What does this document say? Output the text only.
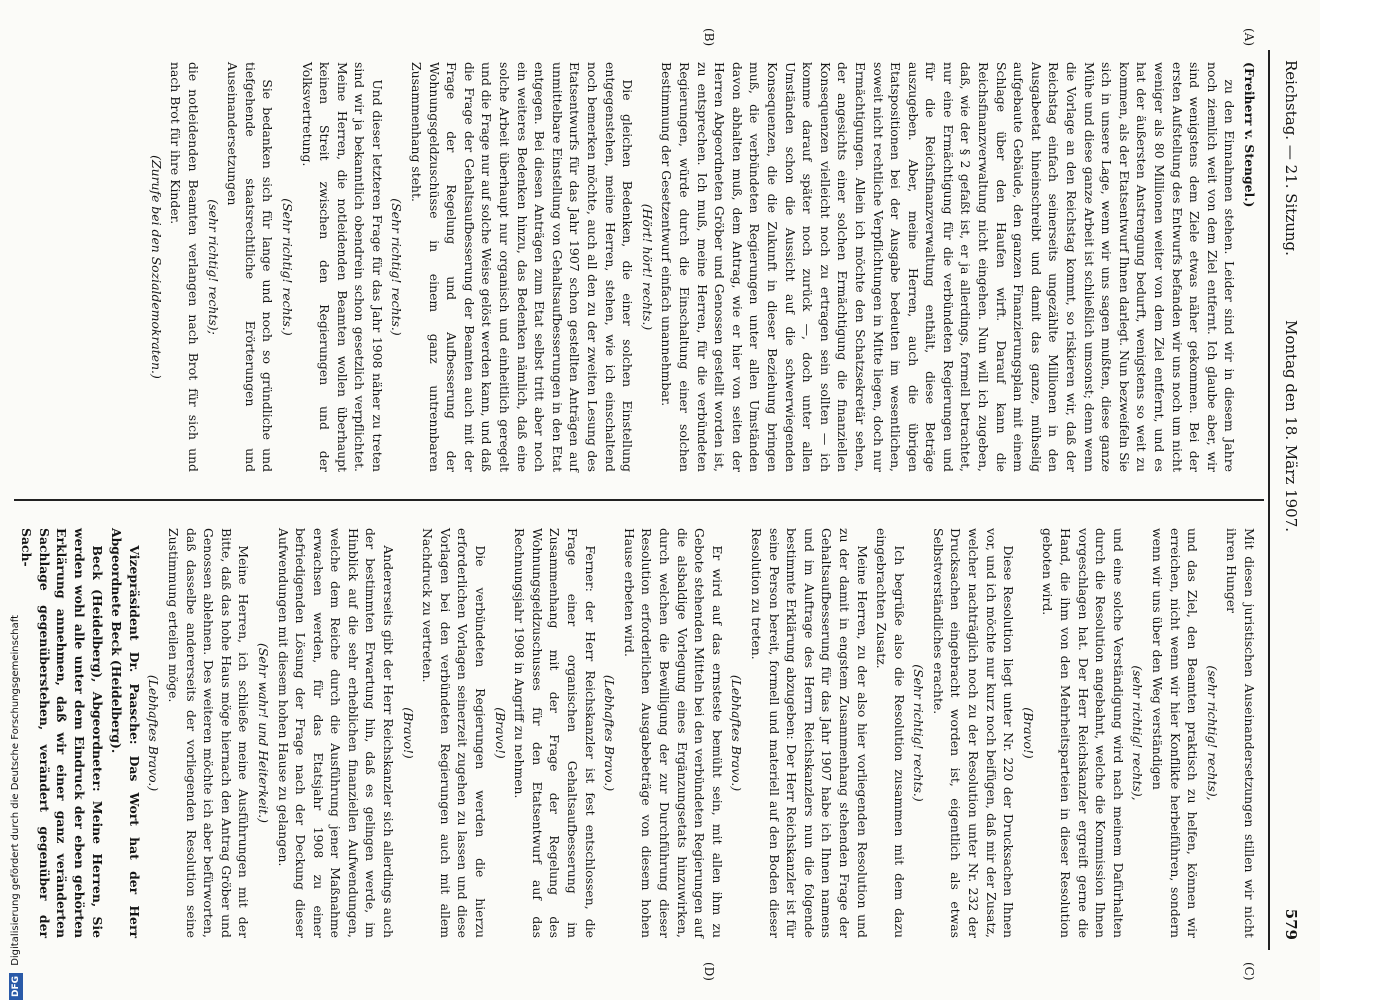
Reichstag. — 21. Sitzung.
Montag den 18. März 1907.
579
(A)
(B)
(C)
(D)

(Freiherr v. Stengel.)

zu den Einnahmen stehen. Leider sind wir in diesem Jahre noch ziemlich weit von dem Ziel entfernt. Ich glaube aber, wir sind wenigstens dem Ziele etwas näher gekommen. Bei der ersten Aufstellung des Entwurfs befanden wir uns noch um nicht weniger als 80 Millionen weiter von dem Ziel entfernt, und es hat der äußersten Anstrengung bedurft, wenigstens so weit zu kommen, als der Etatsentwurf Ihnen darlegt. Nun bezweifeln Sie sich in unsere Lage, wenn wir uns sagen mußten, diese ganze Mühe und diese ganze Arbeit ist schließlich umsonst; denn wenn die Vorlage an den Reichstag kommt, so riskieren wir, daß der Reichstag einfach seinerseits ungezählte Millionen in den Ausgabeetat hineinschreibt und damit das ganze, mühselig aufgebaute Gebäude, den ganzen Finanzierungsplan mit einem Schlage über den Haufen wirft. Darauf kann die Reichsfinanzverwaltung nicht eingehen. Nun will ich zugeben, daß, wie der § 2 gefaßt ist, er ja allerdings, formell betrachtet, nur eine Ermächtigung für die verbündeten Regierungen und für die Reichsfinanzverwaltung enthält, diese Beträge auszugeben. Aber, meine Herren, auch die übrigen Etatspositionen bei der Ausgabe bedeuten im wesentlichen, soweit nicht rechtliche Verpflichtungen in Mitte liegen, doch nur Ermächtigungen. Allein ich möchte den Schatzsekretär sehen, der angesichts einer solchen Ermächtigung die finanziellen Konsequenzen vielleicht noch zu ertragen sein sollten — ich komme darauf später noch zurück —, doch unter allen Umständen schon die Aussicht auf die schwerwiegenden Konsequenzen, die die Zukunft in dieser Beziehung bringen muß, die verbündeten Regierungen unter allen Umständen davon abhalten muß, dem Antrag, wie er hier von seiten der Herren Abgeordneten Gröber und Genossen gestellt worden ist, zu entsprechen. Ich muß, meine Herren, für die verbündeten Regierungen, würde durch die Einschaltung einer solchen Bestimmung der Gesetzentwurf einfach unannehmbar.

(Hört! hört! rechts.)

Die gleichen Bedenken, die einer solchen Einstellung entgegenstehen, meine Herren, stehen, wie ich einschaltend noch bemerken möchte, auch all den zu der zweiten Lesung des Etatsentwurfs für das Jahr 1907 schon gestellten Anträgen auf unmittelbare Einstellung von Gehaltsaufbesserungen in den Etat entgegen. Bei diesen Anträgen zum Etat selbst tritt aber noch ein weiteres Bedenken hinzu, das Bedenken nämlich, daß eine solche Arbeit überhaupt nur organisch und einheitlich geregelt und die Frage nur auf solche Weise gelöst werden kann, und daß die Frage der Gehaltsaufbesserung der Beamten auch mit der Frage der Regelung und Aufbesserung der Wohnungsgeldzuschüsse in einem ganz untrennbaren Zusammenhang steht.

(Sehr richtig! rechts.)

Und dieser letzteren Frage für das Jahr 1908 näher zu treten sind wir ja bekanntlich obendrein schon gesetzlich verpflichtet. Meine Herren, die notleidenden Beamten wollen überhaupt keinen Streit zwischen den Regierungen und der Volksvertretung.

(Sehr richtig! rechts.)

Sie bedanken sich für lange und noch so gründliche und tiefgehende staatsrechtliche Erörterungen und Auseinandersetzungen

(sehr richtig! rechts);

die notleidenden Beamten verlangen nach Brot für sich und nach Brot für ihre Kinder.

(Zurufe bei den Sozialdemokraten.)

Mit diesen juristischen Auseinandersetzungen stillen wir nicht ihren Hunger

(sehr richtig! rechts),

und das Ziel, den Beamten praktisch zu helfen, können wir erreichen, nicht wenn wir hier Konflikte herbeiführen, sondern wenn wir uns über den Weg verständigen

(sehr richtig! rechts),

und eine solche Verständigung wird nach meinem Dafürhalten durch die Resolution angebahnt, welche die Kommission Ihnen vorgeschlagen hat. Der Herr Reichskanzler ergreift gerne die Hand, die ihm von den Mehrheitsparteien in dieser Resolution geboten wird.

(Bravo!)

Diese Resolution liegt unter Nr. 220 der Drucksachen Ihnen vor, und ich möchte nur kurz noch beifügen, daß mir der Zusatz, welcher nachträglich noch zu der Resolution unter Nr. 232 der Drucksachen eingebracht worden ist, eigentlich als etwas Selbstverständliches erachte.

(Sehr richtig! rechts.)

Ich begrüße also die Resolution zusammen mit dem dazu eingebrachten Zusatz.

Meine Herren, zu der also hier vorliegenden Resolution und zu der damit in engstem Zusammenhang stehenden Frage der Gehaltsaufbesserung für das Jahr 1907 habe ich Ihnen namens und im Auftrage des Herrn Reichskanzlers nun die folgende bestimmte Erklärung abzugeben: Der Herr Reichskanzler ist für seine Person bereit, formell und materiell auf den Boden dieser Resolution zu treten.

(Lebhaftes Bravo.)

Er wird auf das ernsteste bemüht sein, mit allen ihm zu Gebote stehenden Mitteln bei den verbündeten Regierungen auf die alsbaldige Vorlegung eines Ergänzungsetats hinzuwirken, durch welchen die Bewilligung der zur Durchführung dieser Resolution erforderlichen Ausgabebeträge von diesem hohen Hause erbeten wird.

(Lebhaftes Bravo.)

Ferner: der Herr Reichskanzler ist fest entschlossen, die Frage einer organischen Gehaltsaufbesserung im Zusammenhang mit der Frage der Regelung des Wohnungsgeldzuschusses für den Etatsentwurf auf das Rechnungsjahr 1908 in Angriff zu nehmen.

(Bravo!)

Die verbündeten Regierungen werden die hierzu erforderlichen Vorlagen seinerzeit zugehen zu lassen und diese Vorlagen bei den verbündeten Regierungen auch mit allem Nachdruck zu vertreten.

(Bravo!)

Andererseits gibt der Herr Reichskanzler sich allerdings auch der bestimmten Erwartung hin, daß es gelingen werde, im Hinblick auf die sehr erheblichen finanziellen Aufwendungen, welche dem Reiche durch die Ausführung jener Maßnahme erwachsen werden, für das Etatsjahr 1908 zu einer befriedigenden Lösung der Frage nach der Deckung dieser Aufwendungen mit diesem hohen Hause zu gelangen.

(Sehr wahr! und Heiterkeit.)

Meine Herren, ich schließe meine Ausführungen mit der Bitte, daß das hohe Haus möge hiernach den Antrag Gröber und Genossen ablehnen. Des weiteren möchte ich aber befürworten, daß dasselbe andererseits der vorliegenden Resolution seine Zustimmung erteilen möge.

(Lebhaftes Bravo.)

Vizepräsident Dr. Paasche: Das Wort hat der Herr Abgeordnete Beck (Heidelberg).

Beck (Heidelberg), Abgeordneter: Meine Herren, Sie werden wohl alle unter dem Eindruck der eben gehörten Erklärung annehmen, daß wir einer ganz veränderten Sachlage gegenüberstehen, verändert gegenüber der Sach-

DFG Digitalisierung gefördert durch die Deutsche Forschungsgemeinschaft
